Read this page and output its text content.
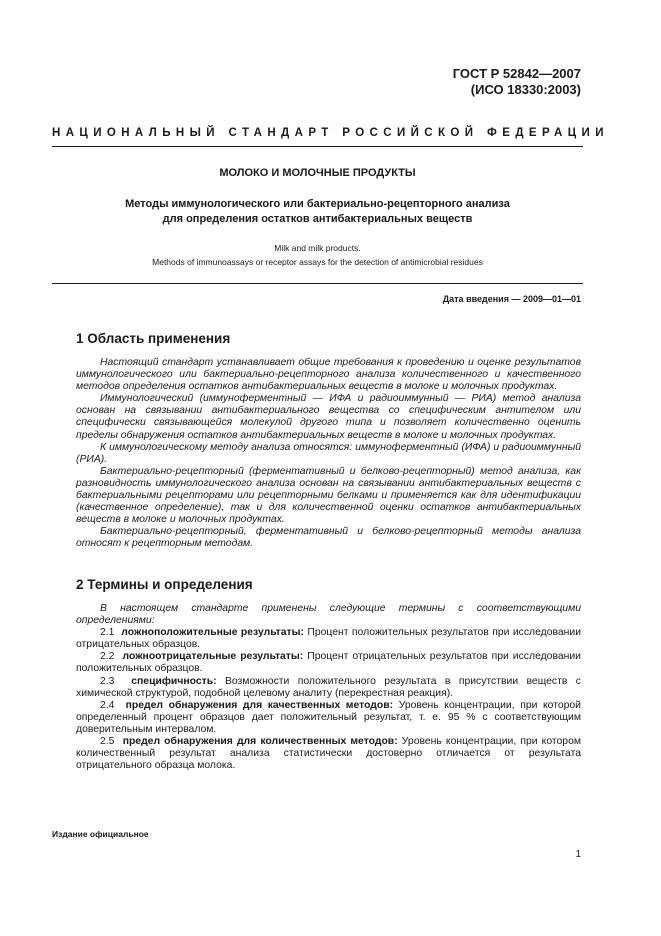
ГОСТ Р 52842—2007
(ИСО 18330:2003)
НАЦИОНАЛЬНЫЙ СТАНДАРТ РОССИЙСКОЙ ФЕДЕРАЦИИ
МОЛОКО И МОЛОЧНЫЕ ПРОДУКТЫ
Методы иммунологического или бактериально-рецепторного анализа
для определения остатков антибактериальных веществ
Milk and milk products.
Methods of immunoassays or receptor assays for the detection of antimicrobial residues
Дата введения — 2009—01—01
1 Область применения

Настоящий стандарт устанавливает общие требования к проведению и оценке результатов иммунологического или бактериально-рецепторного анализа количественного и качественного методов определения остатков антибактериальных веществ в молоке и молочных продуктах.

Иммунологический (иммуноферментный — ИФА и радиоиммунный — РИА) метод анализа основан на связывании антибактериального вещества со специфическим антителом или специфически связывающейся молекулой другого типа и позволяет количественно оценить пределы обнаружения остатков антибактериальных веществ в молоке и молочных продуктах.

К иммунологическому методу анализа относятся: иммуноферментный (ИФА) и радиоиммунный (РИА).

Бактериально-рецепторный (ферментативный и белково-рецепторный) метод анализа, как разновидность иммунологического анализа основан на связывании антибактериальных веществ с бактериальными рецепторами или рецепторными белками и применяется как для идентификации (качественное определение), так и для количественной оценки остатков антибактериальных веществ в молоке и молочных продуктах.

Бактериально-рецепторный, ферментативный и белково-рецепторный методы анализа относят к рецепторным методам.

2 Термины и определения

В настоящем стандарте применены следующие термины с соответствующими определениями:

2.1 ложноположительные результаты: Процент положительных результатов при исследовании отрицательных образцов.

2.2 ложноотрицательные результаты: Процент отрицательных результатов при исследовании положительных образцов.

2.3 специфичность: Возможности положительного результата в присутствии веществ с химической структурой, подобной целевому аналиту (перекрестная реакция).

2.4 предел обнаружения для качественных методов: Уровень концентрации, при которой определенный процент образцов дает положительный результат, т. е. 95 % с соответствующим доверительным интервалом.

2.5 предел обнаружения для количественных методов: Уровень концентрации, при котором количественный результат анализа статистически достоверно отличается от результата отрицательного образца молока.

Издание официальное
1
